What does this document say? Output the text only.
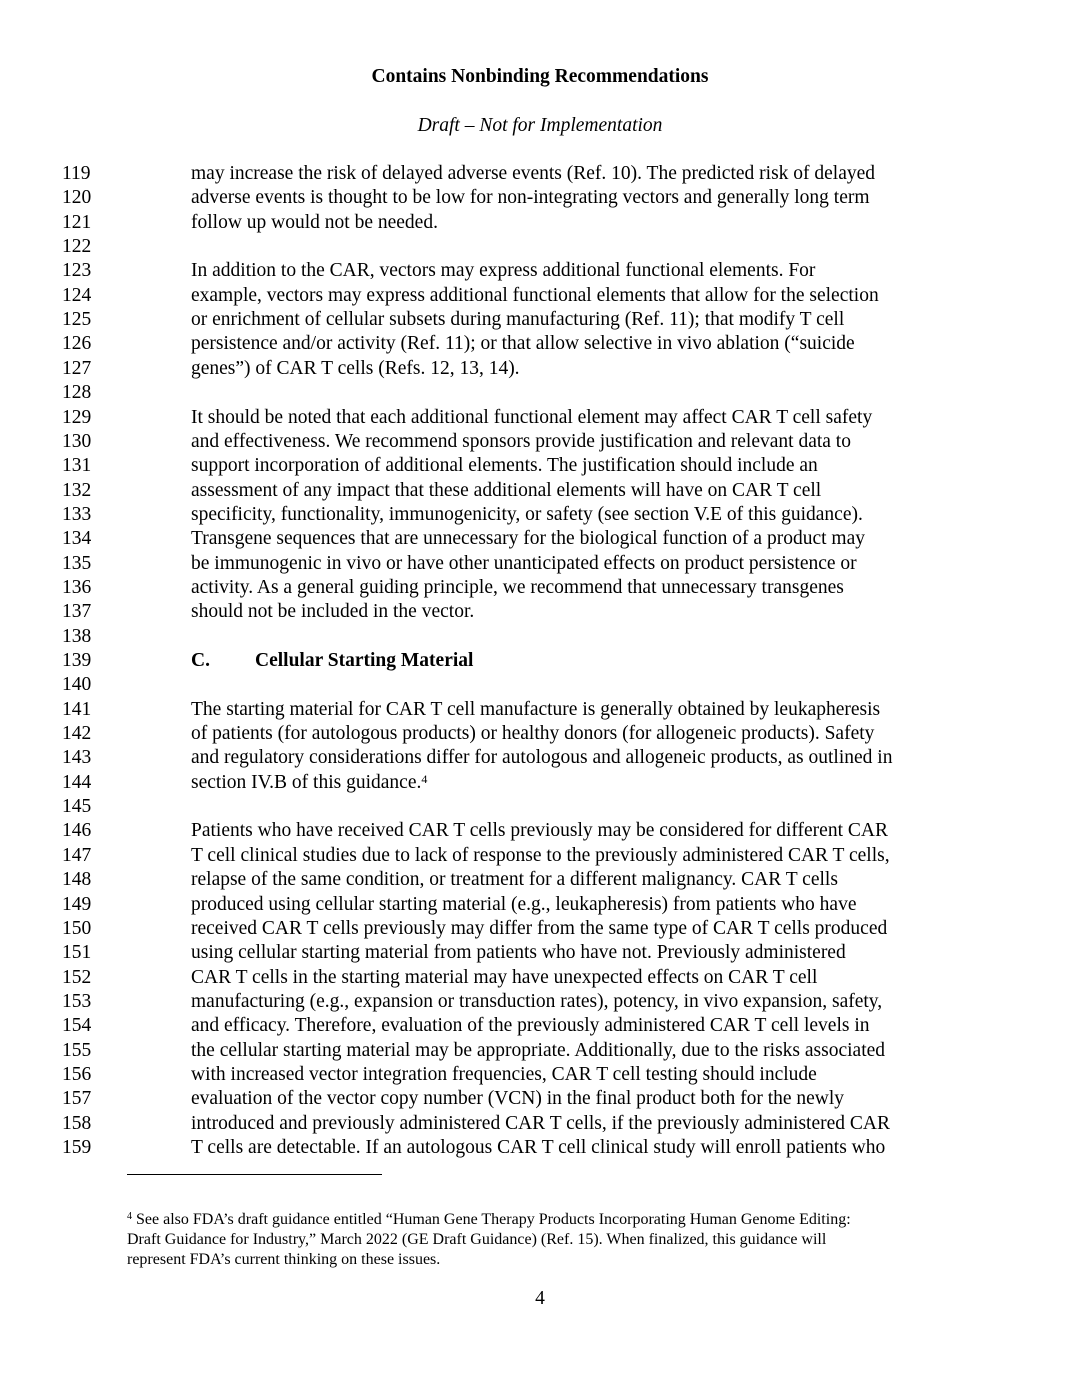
Contains Nonbinding Recommendations
Draft – Not for Implementation
119	may increase the risk of delayed adverse events (Ref. 10). The predicted risk of delayed
120	adverse events is thought to be low for non-integrating vectors and generally long term
121	follow up would not be needed.
122
123	In addition to the CAR, vectors may express additional functional elements. For
124	example, vectors may express additional functional elements that allow for the selection
125	or enrichment of cellular subsets during manufacturing (Ref. 11); that modify T cell
126	persistence and/or activity (Ref. 11); or that allow selective in vivo ablation (“suicide
127	genes”) of CAR T cells (Refs. 12, 13, 14).
128
129	It should be noted that each additional functional element may affect CAR T cell safety
130	and effectiveness. We recommend sponsors provide justification and relevant data to
131	support incorporation of additional elements. The justification should include an
132	assessment of any impact that these additional elements will have on CAR T cell
133	specificity, functionality, immunogenicity, or safety (see section V.E of this guidance).
134	Transgene sequences that are unnecessary for the biological function of a product may
135	be immunogenic in vivo or have other unanticipated effects on product persistence or
136	activity. As a general guiding principle, we recommend that unnecessary transgenes
137	should not be included in the vector.
138
139	C. Cellular Starting Material
140
141	The starting material for CAR T cell manufacture is generally obtained by leukapheresis
142	of patients (for autologous products) or healthy donors (for allogeneic products). Safety
143	and regulatory considerations differ for autologous and allogeneic products, as outlined in
144	section IV.B of this guidance.$^4$
145
146	Patients who have received CAR T cells previously may be considered for different CAR
147	T cell clinical studies due to lack of response to the previously administered CAR T cells,
148	relapse of the same condition, or treatment for a different malignancy. CAR T cells
149	produced using cellular starting material (e.g., leukapheresis) from patients who have
150	received CAR T cells previously may differ from the same type of CAR T cells produced
151	using cellular starting material from patients who have not. Previously administered
152	CAR T cells in the starting material may have unexpected effects on CAR T cell
153	manufacturing (e.g., expansion or transduction rates), potency, in vivo expansion, safety,
154	and efficacy. Therefore, evaluation of the previously administered CAR T cell levels in
155	the cellular starting material may be appropriate. Additionally, due to the risks associated
156	with increased vector integration frequencies, CAR T cell testing should include
157	evaluation of the vector copy number (VCN) in the final product both for the newly
158	introduced and previously administered CAR T cells, if the previously administered CAR
159	T cells are detectable. If an autologous CAR T cell clinical study will enroll patients who
$^4$ See also FDA’s draft guidance entitled “Human Gene Therapy Products Incorporating Human Genome Editing:
Draft Guidance for Industry,” March 2022 (GE Draft Guidance) (Ref. 15). When finalized, this guidance will
represent FDA’s current thinking on these issues.
4
